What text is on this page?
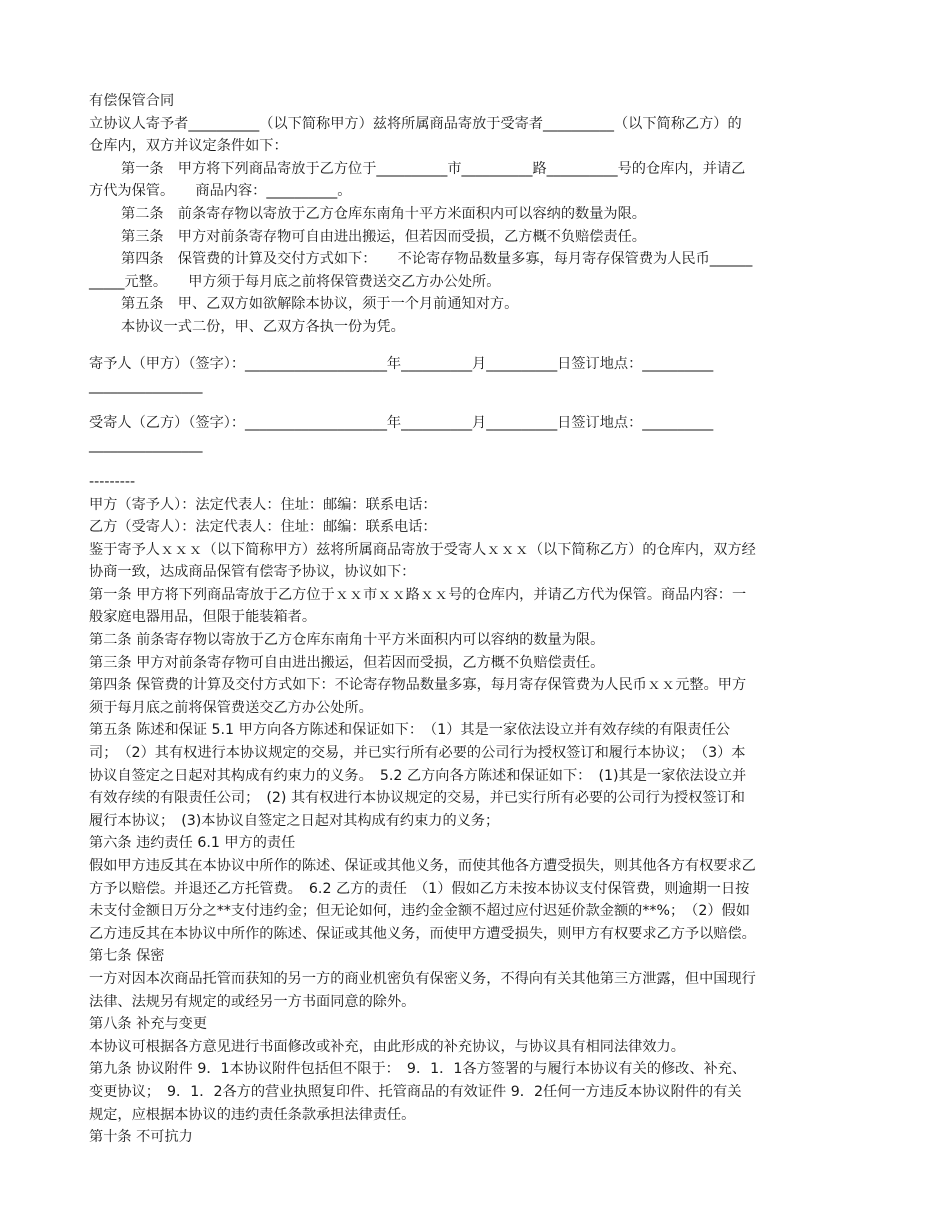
有偿保管合同
立协议人寄予者__________（以下简称甲方）兹将所属商品寄放于受寄者__________（以下简称乙方）的
仓库内，双方并议定条件如下：
第一条　甲方将下列商品寄放于乙方位于__________市__________路__________号的仓库内，并请乙
方代为保管。　　商品内容：__________。
第二条　前条寄存物以寄放于乙方仓库东南角十平方米面积内可以容纳的数量为限。
第三条　甲方对前条寄存物可自由进出搬运，但若因而受损，乙方概不负赔偿责任。
第四条　保管费的计算及交付方式如下：　　不论寄存物品数量多寡，每月寄存保管费为人民币______
_____元整。　　甲方须于每月底之前将保管费送交乙方办公处所。
第五条　甲、乙双方如欲解除本协议，须于一个月前通知对方。
本协议一式二份，甲、乙双方各执一份为凭。
寄予人（甲方）（签字）：____________________年__________月__________日签订地点：__________
________________
受寄人（乙方）（签字）：____________________年__________月__________日签订地点：__________
________________
---------
甲方（寄予人）：法定代表人：住址：邮编：联系电话：
乙方（受寄人）：法定代表人：住址：邮编：联系电话：
鉴于寄予人ｘｘｘ（以下简称甲方）兹将所属商品寄放于受寄人ｘｘｘ（以下简称乙方）的仓库内，双方经
协商一致，达成商品保管有偿寄予协议，协议如下：
第一条 甲方将下列商品寄放于乙方位于ｘｘ市ｘｘ路ｘｘ号的仓库内，并请乙方代为保管。商品内容：一
般家庭电器用品，但限于能装箱者。
第二条 前条寄存物以寄放于乙方仓库东南角十平方米面积内可以容纳的数量为限。
第三条 甲方对前条寄存物可自由进出搬运，但若因而受损，乙方概不负赔偿责任。
第四条 保管费的计算及交付方式如下：不论寄存物品数量多寡，每月寄存保管费为人民币ｘｘ元整。甲方
须于每月底之前将保管费送交乙方办公处所。
第五条 陈述和保证 5.1 甲方向各方陈述和保证如下：　（1）其是一家依法设立并有效存续的有限责任公
司；　（2）其有权进行本协议规定的交易，并已实行所有必要的公司行为授权签订和履行本协议；　（3）本
协议自签定之日起对其构成有约束力的义务。　5.2 乙方向各方陈述和保证如下：　(1)其是一家依法设立并
有效存续的有限责任公司；　(2) 其有权进行本协议规定的交易，并已实行所有必要的公司行为授权签订和
履行本协议；　(3)本协议自签定之日起对其构成有约束力的义务；
第六条 违约责任 6.1 甲方的责任
假如甲方违反其在本协议中所作的陈述、保证或其他义务，而使其他各方遭受损失，则其他各方有权要求乙
方予以赔偿。并退还乙方托管费。　6.2 乙方的责任　（1）假如乙方未按本协议支付保管费，则逾期一日按
未支付金额日万分之**支付违约金；但无论如何，违约金金额不超过应付迟延价款金额的**%；　（2）假如
乙方违反其在本协议中所作的陈述、保证或其他义务，而使甲方遭受损失，则甲方有权要求乙方予以赔偿。
第七条 保密
一方对因本次商品托管而获知的另一方的商业机密负有保密义务，不得向有关其他第三方泄露，但中国现行
法律、法规另有规定的或经另一方书面同意的除外。
第八条 补充与变更
本协议可根据各方意见进行书面修改或补充，由此形成的补充协议，与协议具有相同法律效力。
第九条 协议附件 9．1本协议附件包括但不限于：　9．1．1各方签署的与履行本协议有关的修改、补充、
变更协议；　9．1．2各方的营业执照复印件、托管商品的有效证件 9．2任何一方违反本协议附件的有关
规定，应根据本协议的违约责任条款承担法律责任。
第十条 不可抗力
